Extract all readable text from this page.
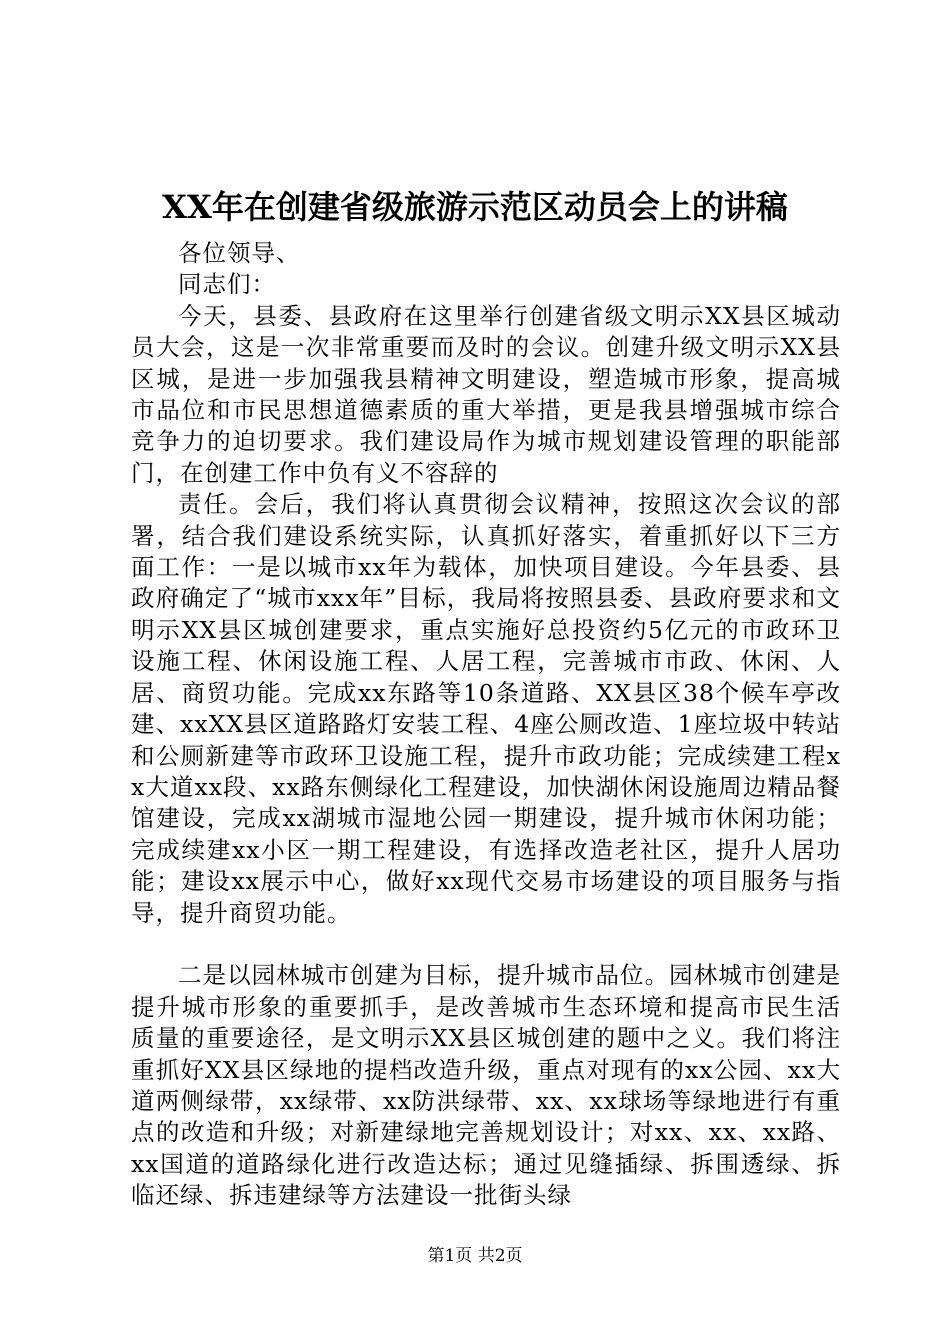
XX年在创建省级旅游示范区动员会上的讲稿

各位领导、

同志们：

今天，县委、县政府在这里举行创建省级文明示XX县区城动员大会，这是一次非常重要而及时的会议。创建升级文明示XX县区城，是进一步加强我县精神文明建设，塑造城市形象，提高城市品位和市民思想道德素质的重大举措，更是我县增强城市综合竞争力的迫切要求。我们建设局作为城市规划建设管理的职能部门，在创建工作中负有义不容辞的

责任。会后，我们将认真贯彻会议精神，按照这次会议的部署，结合我们建设系统实际，认真抓好落实，着重抓好以下三方面工作：一是以城市xx年为载体，加快项目建设。今年县委、县政府确定了“城市xxx年”目标，我局将按照县委、县政府要求和文明示XX县区城创建要求，重点实施好总投资约5亿元的市政环卫设施工程、休闲设施工程、人居工程，完善城市市政、休闲、人居、商贸功能。完成xx东路等10条道路、XX县区38个候车亭改建、xxXX县区道路路灯安装工程、4座公厕改造、1座垃圾中转站和公厕新建等市政环卫设施工程，提升市政功能；完成续建工程xx大道xx段、xx路东侧绿化工程建设，加快湖休闲设施周边精品餐馆建设，完成xx湖城市湿地公园一期建设，提升城市休闲功能；完成续建xx小区一期工程建设，有选择改造老社区，提升人居功能；建设xx展示中心，做好xx现代交易市场建设的项目服务与指导，提升商贸功能。

二是以园林城市创建为目标，提升城市品位。园林城市创建是提升城市形象的重要抓手，是改善城市生态环境和提高市民生活质量的重要途径，是文明示XX县区城创建的题中之义。我们将注重抓好XX县区绿地的提档改造升级，重点对现有的xx公园、xx大道两侧绿带，xx绿带、xx防洪绿带、xx、xx球场等绿地进行有重点的改造和升级；对新建绿地完善规划设计；对xx、xx、xx路、xx国道的道路绿化进行改造达标；通过见缝插绿、拆围透绿、拆临还绿、拆违建绿等方法建设一批街头绿

第1页 共2页
